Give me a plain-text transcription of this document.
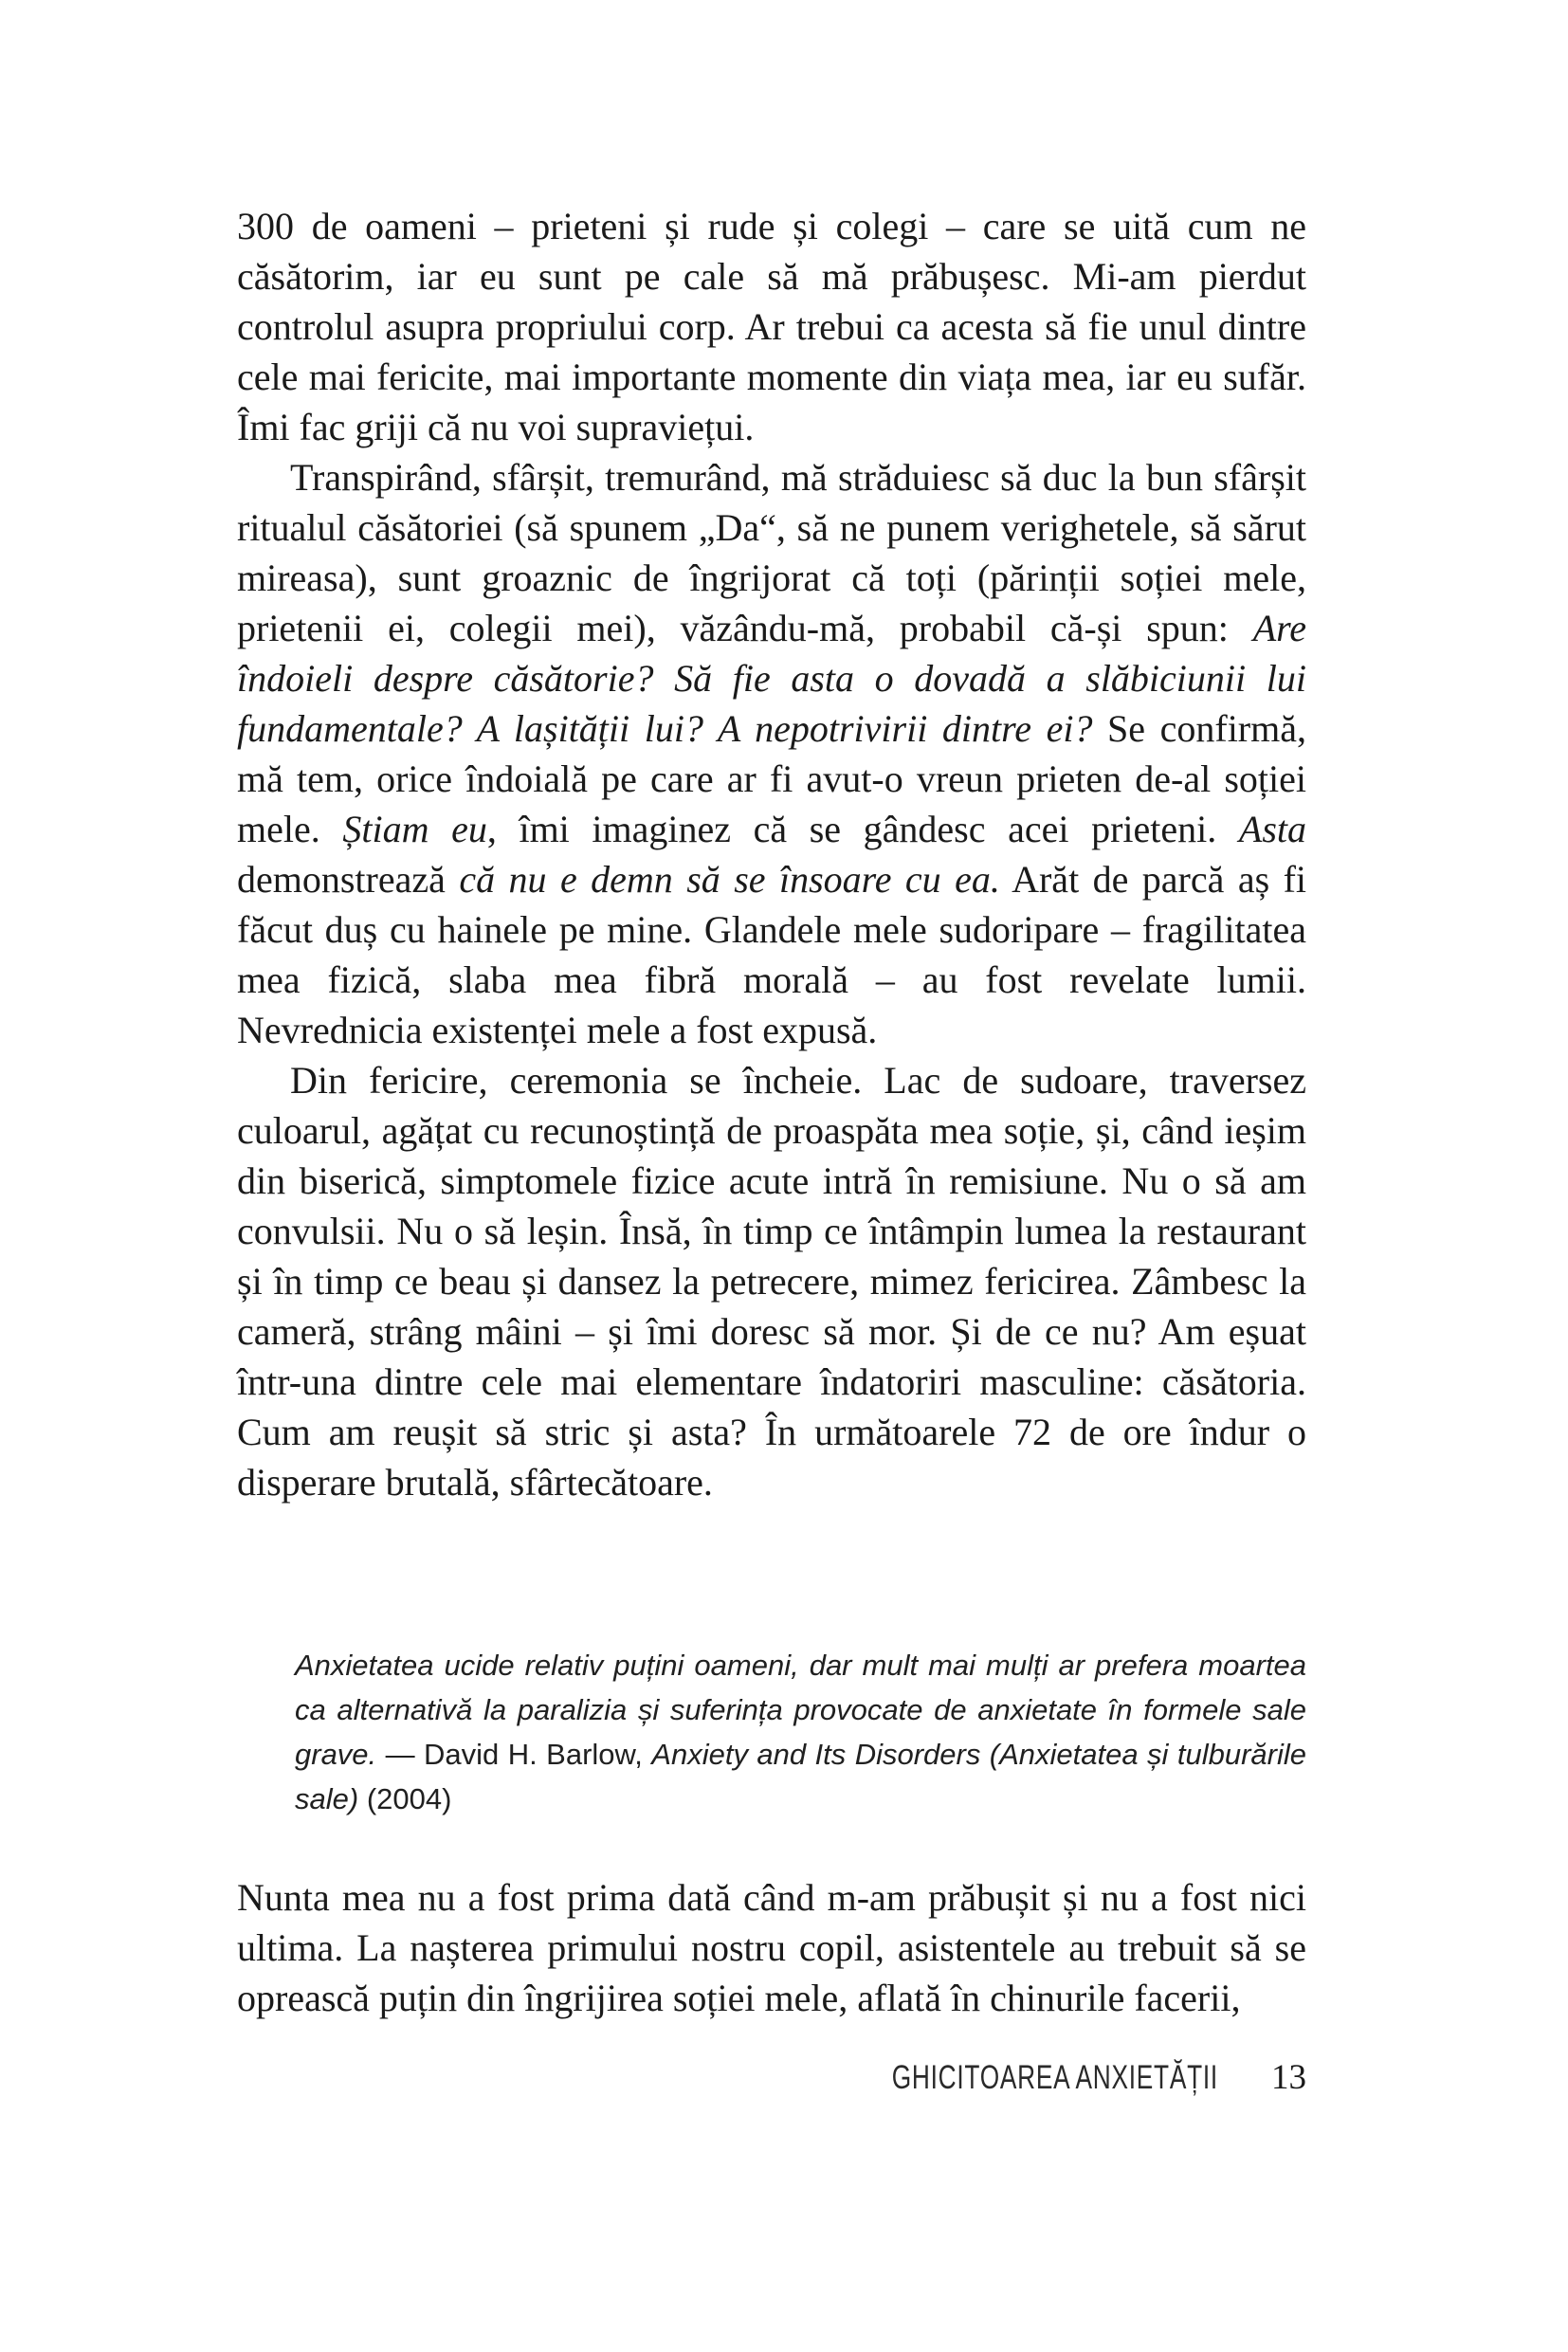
300 de oameni – prieteni și rude și colegi – care se uită cum ne căsătorim, iar eu sunt pe cale să mă prăbușesc. Mi-am pierdut controlul asupra propriului corp. Ar trebui ca acesta să fie unul dintre cele mai fericite, mai importante momente din viața mea, iar eu sufăr. Îmi fac griji că nu voi supraviețui.

Transpirând, sfârșit, tremurând, mă străduiesc să duc la bun sfârșit ritualul căsătoriei (să spunem „Da“, să ne punem verighetele, să sărut mireasa), sunt groaznic de îngrijorat că toți (părinții soției mele, prietenii ei, colegii mei), văzându-mă, probabil că-și spun: Are îndoieli despre căsătorie? Să fie asta o dovadă a slăbiciunii lui fundamentale? A lașității lui? A nepotrivirii dintre ei? Se confirmă, mă tem, orice îndoială pe care ar fi avut-o vreun prieten de-al soției mele. Știam eu, îmi imaginez că se gândesc acei prieteni. Asta demonstrează că nu e demn să se însoare cu ea. Arăt de parcă aș fi făcut duș cu hainele pe mine. Glandele mele sudoripare – fragilitatea mea fizică, slaba mea fibră morală – au fost revelate lumii. Nevrednicia existenței mele a fost expusă.

Din fericire, ceremonia se încheie. Lac de sudoare, traversez culoarul, agățat cu recunoștință de proaspăta mea soție, și, când ieșim din biserică, simptomele fizice acute intră în remisiune. Nu o să am convulsii. Nu o să leșin. Însă, în timp ce întâmpin lumea la restaurant și în timp ce beau și dansez la petrecere, mimez fericirea. Zâmbesc la cameră, strâng mâini – și îmi doresc să mor. Și de ce nu? Am eșuat într-una dintre cele mai elementare îndatoriri masculine: căsătoria. Cum am reușit să stric și asta? În următoarele 72 de ore îndur o disperare brutală, sfârtecătoare.

Anxietatea ucide relativ puțini oameni, dar mult mai mulți ar prefera moartea ca alternativă la paralizia și suferința provocate de anxietate în formele sale grave. — David H. Barlow, Anxiety and Its Disorders (Anxietatea și tulburările sale) (2004)

Nunta mea nu a fost prima dată când m-am prăbușit și nu a fost nici ultima. La nașterea primului nostru copil, asistentele au trebuit să se oprească puțin din îngrijirea soției mele, aflată în chinurile facerii,

GHICITOAREA ANXIETĂȚII 13
